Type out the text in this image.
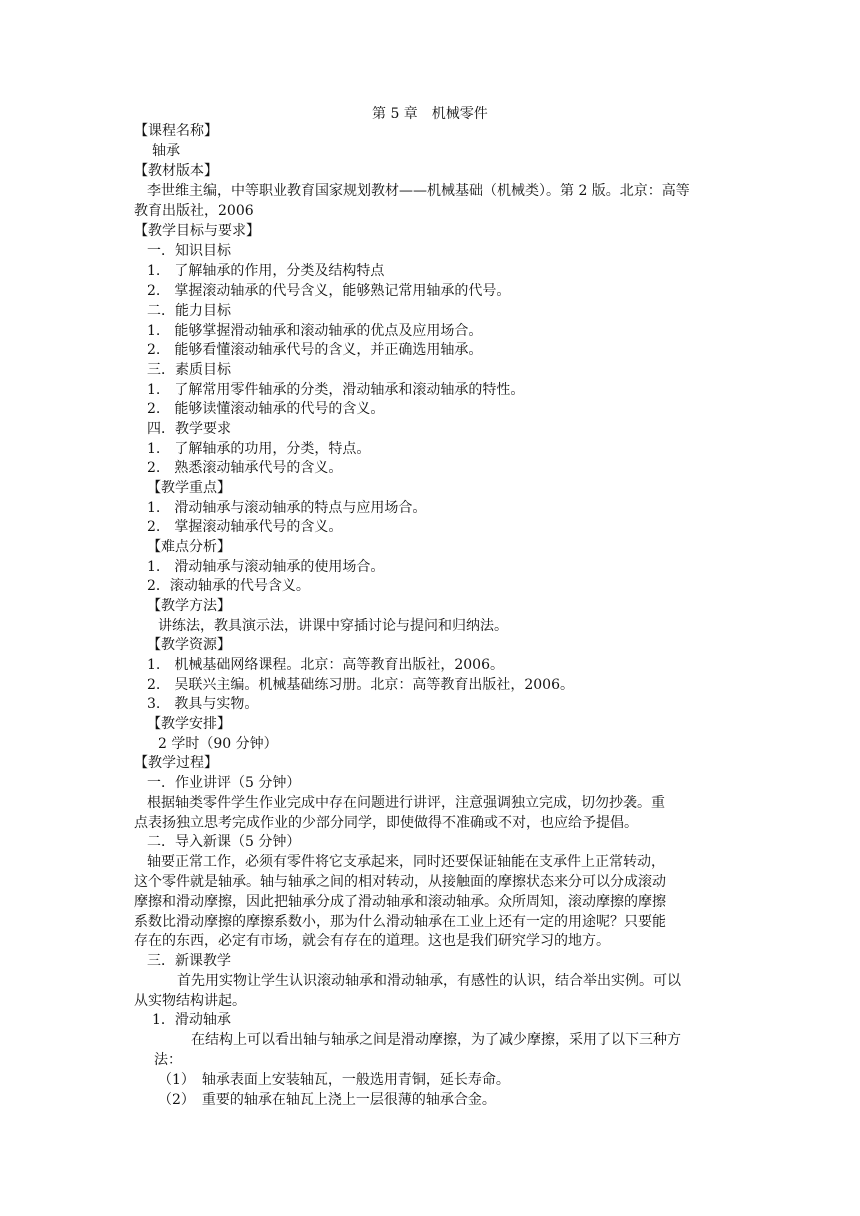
第 5 章　机械零件
【课程名称】
轴承
【教材版本】
李世维主编，中等职业教育国家规划教材——机械基础（机械类）。第 2 版。北京：高等
教育出版社，2006
【教学目标与要求】
一．知识目标
1.　了解轴承的作用，分类及结构特点
2.　掌握滚动轴承的代号含义，能够熟记常用轴承的代号。
二．能力目标
1.　能够掌握滑动轴承和滚动轴承的优点及应用场合。
2.　能够看懂滚动轴承代号的含义，并正确选用轴承。
三．素质目标
1.　了解常用零件轴承的分类，滑动轴承和滚动轴承的特性。
2.　能够读懂滚动轴承的代号的含义。
四．教学要求
1.　了解轴承的功用，分类，特点。
2.　熟悉滚动轴承代号的含义。
【教学重点】
1.　滑动轴承与滚动轴承的特点与应用场合。
2.　掌握滚动轴承代号的含义。
【难点分析】
1.　滑动轴承与滚动轴承的使用场合。
2．滚动轴承的代号含义。
【教学方法】
讲练法，教具演示法，讲课中穿插讨论与提问和归纳法。
【教学资源】
1.　机械基础网络课程。北京：高等教育出版社，2006。
2.　吴联兴主编。机械基础练习册。北京：高等教育出版社，2006。
3.　教具与实物。
【教学安排】
2 学时（90 分钟）
【教学过程】
一．作业讲评（5 分钟）
根据轴类零件学生作业完成中存在问题进行讲评，注意强调独立完成，切勿抄袭。重
点表扬独立思考完成作业的少部分同学，即使做得不准确或不对，也应给予提倡。
二．导入新课（5 分钟）
轴要正常工作，必须有零件将它支承起来，同时还要保证轴能在支承件上正常转动，
这个零件就是轴承。轴与轴承之间的相对转动，从接触面的摩擦状态来分可以分成滚动
摩擦和滑动摩擦，因此把轴承分成了滑动轴承和滚动轴承。众所周知，滚动摩擦的摩擦
系数比滑动摩擦的摩擦系数小，那为什么滑动轴承在工业上还有一定的用途呢？只要能
存在的东西，必定有市场，就会有存在的道理。这也是我们研究学习的地方。
三．新课教学
首先用实物让学生认识滚动轴承和滑动轴承，有感性的认识，结合举出实例。可以
从实物结构讲起。
1．滑动轴承
在结构上可以看出轴与轴承之间是滑动摩擦，为了减少摩擦，采用了以下三种方
法：
（1）　轴承表面上安装轴瓦，一般选用青铜，延长寿命。
（2）　重要的轴承在轴瓦上浇上一层很薄的轴承合金。
